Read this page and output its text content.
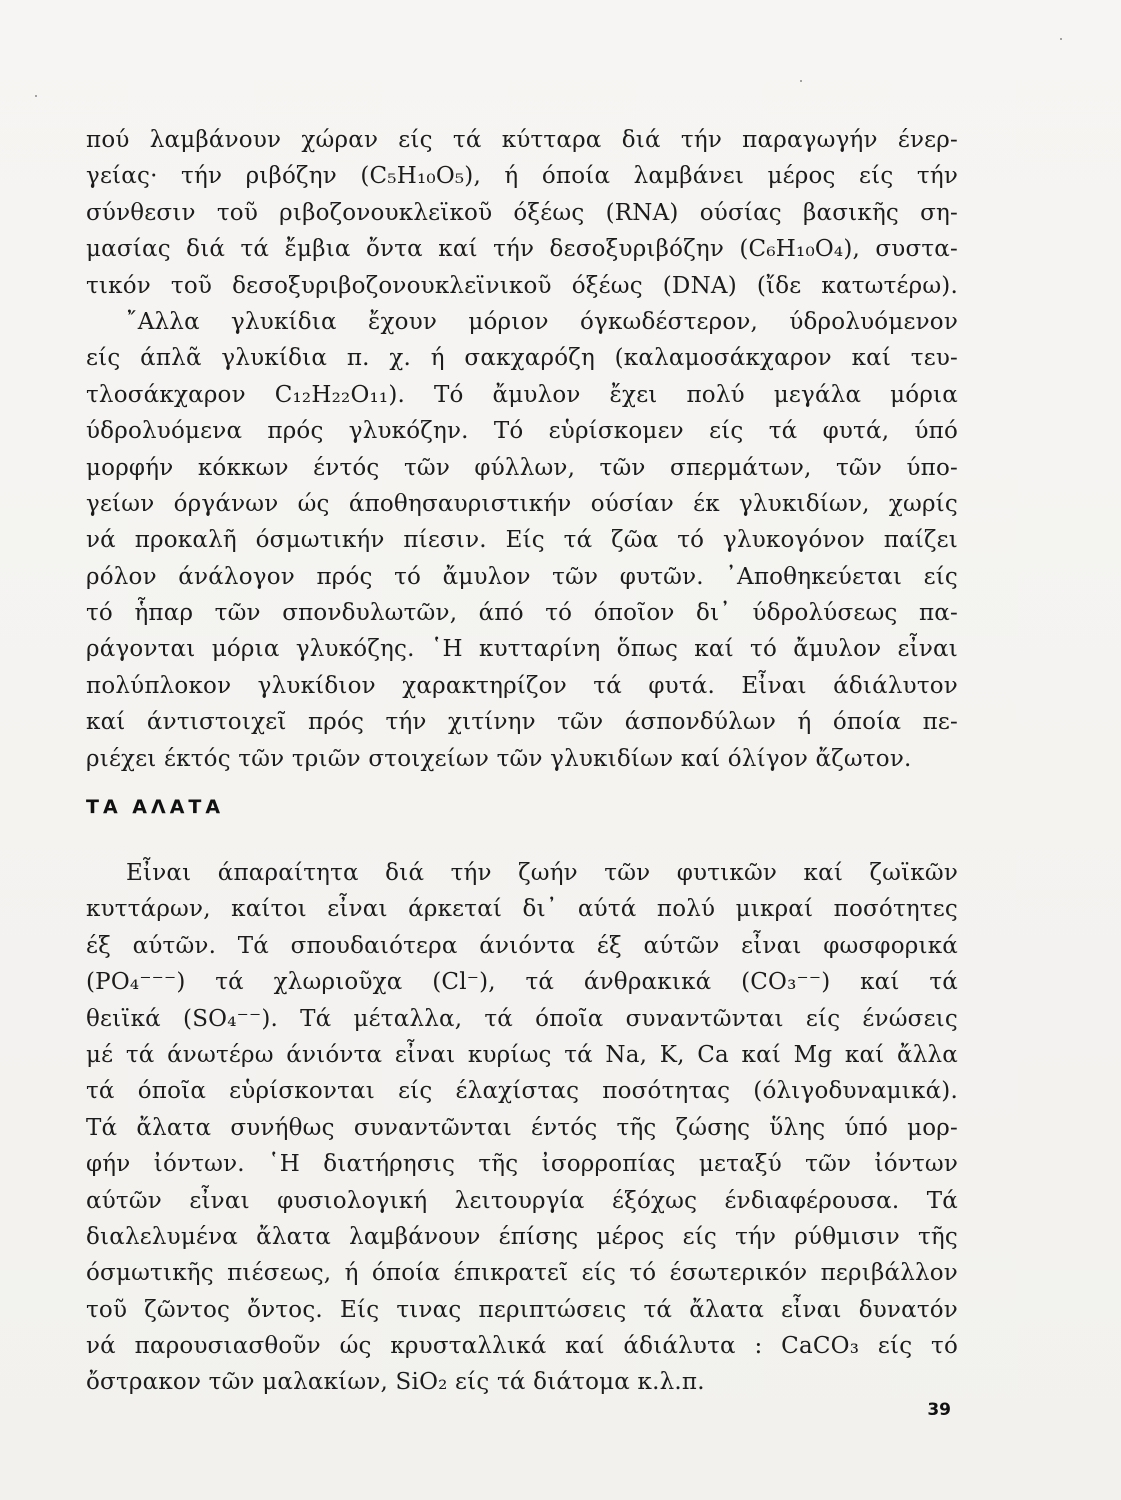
πού λαμβάνουν χώραν είς τά κύτταρα διά τήν παραγωγήν ένερ-
γείας· τήν ριβόζην (C₅H₁₀O₅), ή όποία λαμβάνει μέρος είς τήν
σύνθεσιν τοῦ ριβοζονουκλεϊκοῦ όξέως (RNA) ούσίας βασικῆς ση-
μασίας διά τά ἔμβια ὄντα καί τήν δεσοξυριβόζην (C₆H₁₀O₄), συστα-
τικόν τοῦ δεσοξυριβοζονουκλεϊνικοῦ όξέως (DNA) (ἴδε κατωτέρω).
῎Αλλα γλυκίδια ἔχουν μόριον όγκωδέστερον, ύδρολυόμενον
είς άπλᾶ γλυκίδια π. χ. ή σακχαρόζη (καλαμοσάκχαρον καί τευ-
τλοσάκχαρον C₁₂H₂₂O₁₁). Τό ἄμυλον ἔχει πολύ μεγάλα μόρια
ύδρολυόμενα πρός γλυκόζην. Τό εὑρίσκομεν είς τά φυτά, ύπό
μορφήν κόκκων έντός τῶν φύλλων, τῶν σπερμάτων, τῶν ύπο-
γείων όργάνων ώς άποθησαυριστικήν ούσίαν έκ γλυκιδίων, χωρίς
νά προκαλῆ όσμωτικήν πίεσιν. Είς τά ζῶα τό γλυκογόνον παίζει
ρόλον άνάλογον πρός τό ἄμυλον τῶν φυτῶν. ᾿Αποθηκεύεται είς
τό ἧπαρ τῶν σπονδυλωτῶν, άπό τό όποῖον δι᾿ ύδρολύσεως πα-
ράγονται μόρια γλυκόζης. ῾Η κυτταρίνη ὅπως καί τό ἄμυλον εἶναι
πολύπλοκον γλυκίδιον χαρακτηρίζον τά φυτά. Εἶναι άδιάλυτον
καί άντιστοιχεῖ πρός τήν χιτίνην τῶν άσπονδύλων ή όποία πε-
ριέχει έκτός τῶν τριῶν στοιχείων τῶν γλυκιδίων καί όλίγον ἄζωτον.
ΤΑ ΑΛΑΤΑ
Εἶναι άπαραίτητα διά τήν ζωήν τῶν φυτικῶν καί ζωϊκῶν
κυττάρων, καίτοι εἶναι άρκεταί δι᾿ αύτά πολύ μικραί ποσότητες
έξ αύτῶν. Τά σπουδαιότερα άνιόντα έξ αύτῶν εἶναι φωσφορικά
(PO₄⁻⁻⁻) τά χλωριοῦχα (Cl⁻), τά άνθρακικά (CO₃⁻⁻) καί τά
θειϊκά (SO₄⁻⁻). Τά μέταλλα, τά όποῖα συναντῶνται είς ένώσεις
μέ τά άνωτέρω άνιόντα εἶναι κυρίως τά Na, K, Ca καί Mg καί ἄλλα
τά όποῖα εὑρίσκονται είς έλαχίστας ποσότητας (όλιγοδυναμικά).
Τά ἄλατα συνήθως συναντῶνται έντός τῆς ζώσης ὕλης ύπό μορ-
φήν ἰόντων. ῾Η διατήρησις τῆς ἰσορροπίας μεταξύ τῶν ἰόντων
αύτῶν εἶναι φυσιολογική λειτουργία έξόχως ένδιαφέρουσα. Τά
διαλελυμένα ἄλατα λαμβάνουν έπίσης μέρος είς τήν ρύθμισιν τῆς
όσμωτικῆς πιέσεως, ή όποία έπικρατεῖ είς τό έσωτερικόν περιβάλλον
τοῦ ζῶντος ὄντος. Είς τινας περιπτώσεις τά ἄλατα εἶναι δυνατόν
νά παρουσιασθοῦν ώς κρυσταλλικά καί άδιάλυτα : CaCO₃ είς τό
ὄστρακον τῶν μαλακίων, SiO₂ είς τά διάτομα κ.λ.π.
39
